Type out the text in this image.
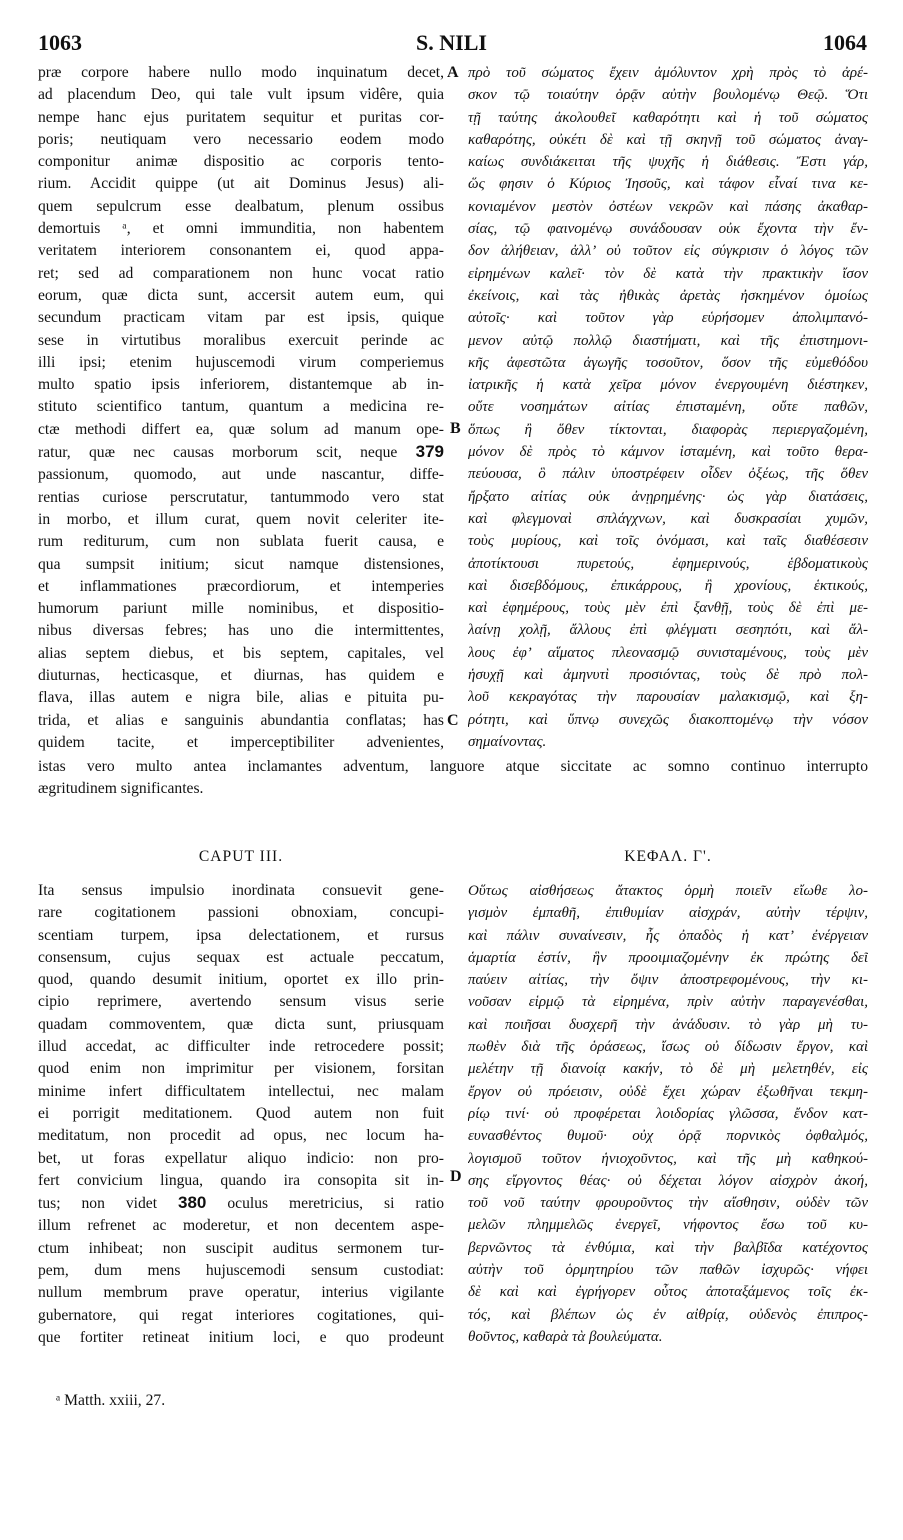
1063	S. NILI	1064
præ corpore habere nullo modo inquinatum decet,
ad placendum Deo, qui tale vult ipsum vidêre, quia
nempe hanc ejus puritatem sequitur et puritas cor-
poris; neutiquam vero necessario eodem modo
componitur animæ dispositio ac corporis tento-
rium. Accidit quippe (ut ait Dominus Jesus) ali-
quem sepulcrum esse dealbatum, plenum ossibus
demortuis ᵃ, et omni immunditia, non habentem
veritatem interiorem consonantem ei, quod appa-
ret; sed ad comparationem non hunc vocat ratio
eorum, quæ dicta sunt, accersit autem eum, qui
secundum practicam vitam par est ipsis, quique
sese in virtutibus moralibus exercuit perinde ac
illi ipsi; etenim hujuscemodi virum comperiemus
multo spatio ipsis inferiorem, distantemque ab in-
stituto scientifico tantum, quantum a medicina re-
ctæ methodi differt ea, quæ solum ad manum ope-
ratur, quæ nec causas morborum scit, neque 379
passionum, quomodo, aut unde nascantur, diffe-
rentias curiose perscrutatur, tantummodo vero stat
in morbo, et illum curat, quem novit celeriter ite-
rum rediturum, cum non sublata fuerit causa, e
qua sumpsit initium; sicut namque distensiones,
et inflammationes præcordiorum, et intemperies
humorum pariunt mille nominibus, et dispositio-
nibus diversas febres; has uno die intermittentes,
alias septem diebus, et bis septem, capitales, vel
diuturnas, hecticasque, et diurnas, has quidem e
flava, illas autem e nigra bile, alias e pituita pu-
trida, et alias e sanguinis abundantia conflatas; has
quidem tacite, et imperceptibiliter advenientes,
πρὸ τοῦ σώματος ἔχειν ἀμόλυντον χρὴ πρὸς τὸ ἀρέ-
σκον τῷ τοιαύτην ὁρᾷν αὐτὴν βουλομένῳ Θεῷ. Ὅτι
τῇ ταύτης ἀκολουθεῖ καθαρότητι καὶ ἡ τοῦ σώματος
καθαρότης, οὐκέτι δὲ καὶ τῇ σκηνῇ τοῦ σώματος ἀναγ-
καίως συνδιάκειται τῆς ψυχῆς ἡ διάθεσις. Ἔστι γάρ,
ὥς φησιν ὁ Κύριος Ἰησοῦς, καὶ τάφον εἶναί τινα κε-
κονιαμένον μεστὸν ὀστέων νεκρῶν καὶ πάσης ἀκαθαρ-
σίας, τῷ φαινομένῳ συνάδουσαν οὐκ ἔχοντα τὴν ἔν-
δον ἀλήθειαν, ἀλλ’ οὐ τοῦτον εἰς σύγκρισιν ὁ λόγος τῶν
εἰρημένων καλεῖ· τὸν δὲ κατὰ τὴν πρακτικὴν ἴσον
ἐκείνοις, καὶ τὰς ἠθικὰς ἀρετὰς ἠσκημένον ὁμοίως
αὐτοῖς· καὶ τοῦτον γὰρ εὑρήσομεν ἀπολιμπανό-
μενον αὐτῷ πολλῷ διαστήματι, καὶ τῆς ἐπιστημονι-
κῆς ἀφεστῶτα ἀγωγῆς τοσοῦτον, ὅσον τῆς εὐμεθόδου
ἰατρικῆς ἡ κατὰ χεῖρα μόνον ἐνεργουμένη διέστηκεν,
οὔτε νοσημάτων αἰτίας ἐπισταμένη, οὔτε παθῶν,
ὅπως ἢ ὅθεν τίκτονται, διαφορὰς περιεργαζομένη,
μόνον δὲ πρὸς τὸ κάμνον ἱσταμένη, καὶ τοῦτο θερα-
πεύουσα, ὃ πάλιν ὑποστρέφειν οἶδεν ὀξέως, τῆς ὅθεν
ἤρξατο αἰτίας οὐκ ἀνῃρημένης· ὡς γὰρ διατάσεις,
καὶ φλεγμοναὶ σπλάγχνων, καὶ δυσκρασίαι χυμῶν,
τοὺς μυρίους, καὶ τοῖς ὀνόμασι, καὶ ταῖς διαθέσεσιν
ἀποτίκτουσι πυρετούς, ἐφημερινούς, ἑβδοματικοὺς
καὶ δισεβδόμους, ἐπικάρρους, ἢ χρονίους, ἑκτικούς,
καὶ ἐφημέρους, τοὺς μὲν ἐπὶ ξανθῇ, τοὺς δὲ ἐπὶ με-
λαίνῃ χολῇ, ἄλλους ἐπὶ φλέγματι σεσηπότι, καὶ ἄλ-
λους ἐφ’ αἵματος πλεονασμῷ συνισταμένους, τοὺς μὲν
ἡσυχῇ καὶ ἀμηνυτὶ προσιόντας, τοὺς δὲ πρὸ πολ-
λοῦ κεκραγότας τὴν παρουσίαν μαλακισμῷ, καὶ ξη-
ρότητι, καὶ ὕπνῳ συνεχῶς διακοπτομένῳ τὴν νόσον
σημαίνοντας.
A
B
C
D
istas vero multo antea inclamantes adventum, languore atque siccitate ac somno continuo interrupto
ægritudinem significantes.
CAPUT III.	ΚΕΦΑΛ. Γ'.
Ita sensus impulsio inordinata consuevit gene-
rare cogitationem passioni obnoxiam, concupi-
scentiam turpem, ipsa delectationem, et rursus
consensum, cujus sequax est actuale peccatum,
quod, quando desumit initium, oportet ex illo prin-
cipio reprimere, avertendo sensum visus serie
quadam commoventem, quæ dicta sunt, priusquam
illud accedat, ac difficulter inde retrocedere possit;
quod enim non imprimitur per visionem, forsitan
minime infert difficultatem intellectui, nec malam
ei porrigit meditationem. Quod autem non fuit
meditatum, non procedit ad opus, nec locum ha-
bet, ut foras expellatur aliquo indicio: non pro-
fert convicium lingua, quando ira consopita sit in-
tus; non videt 380 oculus meretricius, si ratio
illum refrenet ac moderetur, et non decentem aspe-
ctum inhibeat; non suscipit auditus sermonem tur-
pem, dum mens hujuscemodi sensum custodiat:
nullum membrum prave operatur, interius vigilante
gubernatore, qui regat interiores cogitationes, qui-
que fortiter retineat initium loci, e quo prodeunt
Οὕτως αἰσθήσεως ἄτακτος ὁρμὴ ποιεῖν εἴωθε λο-
γισμὸν ἐμπαθῆ, ἐπιθυμίαν αἰσχράν, αὐτὴν τέρψιν,
καὶ πάλιν συναίνεσιν, ἧς ὀπαδὸς ἡ κατ’ ἐνέργειαν
ἁμαρτία ἐστίν, ἣν προοιμιαζομένην ἐκ πρώτης δεῖ
παύειν αἰτίας, τὴν ὄψιν ἀποστρεφομένους, τὴν κι-
νοῦσαν εἱρμῷ τὰ εἰρημένα, πρὶν αὐτὴν παραγενέσθαι,
καὶ ποιῆσαι δυσχερῆ τὴν ἀνάδυσιν. τὸ γὰρ μὴ τυ-
πωθὲν διὰ τῆς ὁράσεως, ἴσως οὐ δίδωσιν ἔργον, καὶ
μελέτην τῇ διανοίᾳ κακήν, τὸ δὲ μὴ μελετηθέν, εἰς
ἔργον οὐ πρόεισιν, οὐδὲ ἔχει χώραν ἐξωθῆναι τεκμη-
ρίῳ τινί· οὐ προφέρεται λοιδορίας γλῶσσα, ἔνδον κατ-
ευνασθέντος θυμοῦ· οὐχ ὁρᾷ πορνικὸς ὀφθαλμός,
λογισμοῦ τοῦτον ἡνιοχοῦντος, καὶ τῆς μὴ καθηκού-
σης εἴργοντος θέας· οὐ δέχεται λόγον αἰσχρὸν ἀκοή,
τοῦ νοῦ ταύτην φρουροῦντος τὴν αἴσθησιν, οὐδὲν τῶν
μελῶν πλημμελῶς ἐνεργεῖ, νήφοντος ἔσω τοῦ κυ-
βερνῶντος τὰ ἐνθύμια, καὶ τὴν βαλβῖδα κατέχοντος
αὐτὴν τοῦ ὁρμητηρίου τῶν παθῶν ἰσχυρῶς· νήφει
δὲ καὶ καὶ ἐγρήγορεν οὗτος ἀποταξάμενος τοῖς ἐκ-
τός, καὶ βλέπων ὡς ἐν αἰθρίᾳ, οὐδενὸς ἐπιπρος-
θοῦντος, καθαρὰ τὰ βουλεύματα.
ᵃ Matth. xxiii, 27.
